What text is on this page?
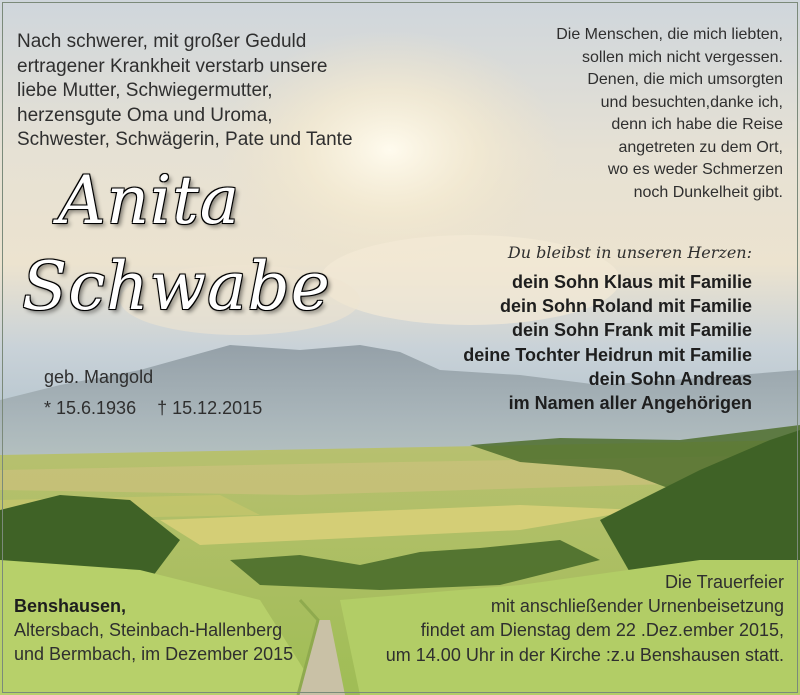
Nach schwerer, mit großer Geduld
ertragener Krankheit verstarb unsere
liebe Mutter, Schwiegermutter,
herzensgute Oma und Uroma,
Schwester, Schwägerin, Pate und Tante
Die Menschen, die mich liebten,
sollen mich nicht vergessen.
Denen, die mich umsorgten
und besuchten,danke ich,
denn ich habe die Reise
angetreten zu dem Ort,
wo es weder Schmerzen
noch Dunkelheit gibt.
Anita
Schwabe
geb. Mangold
* 15.6.1936 † 15.12.2015
Du bleibst in unseren Herzen:
dein Sohn Klaus mit Familie
dein Sohn Roland mit Familie
dein Sohn Frank mit Familie
deine Tochter Heidrun mit Familie
dein Sohn Andreas
im Namen aller Angehörigen
Benshausen,
Altersbach, Steinbach-Hallenberg
und Bermbach, im Dezember 2015
Die Trauerfeier
mit anschließender Urnenbeisetzung
findet am Dienstag dem 22 .Dez.ember 2015,
um 14.00 Uhr in der Kirche :z.u Benshausen statt.
